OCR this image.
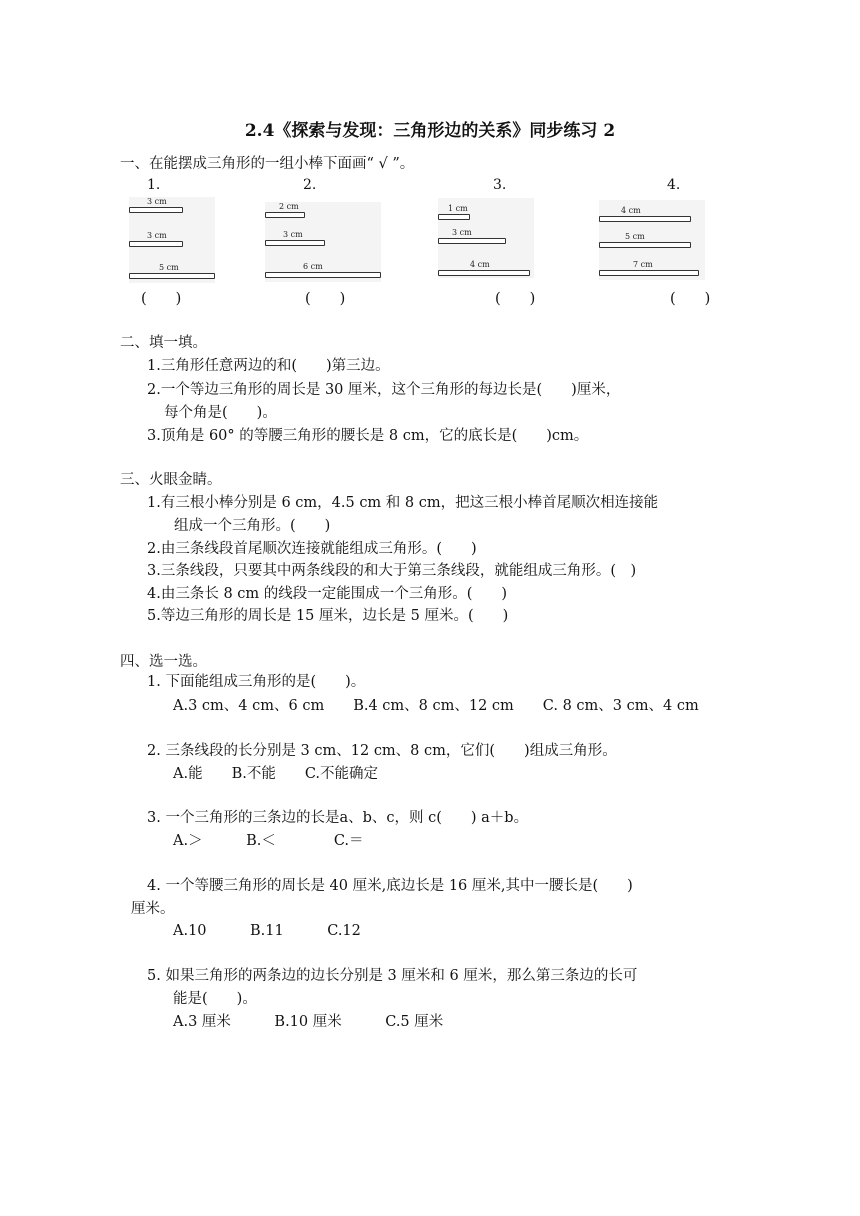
2.4《探索与发现：三角形边的关系》同步练习 2
一、在能摆成三角形的一组小棒下面画“ √ ”。
1.	2.	3.	4.
3 cm
3 cm
5 cm
2 cm
3 cm
6 cm
1 cm
3 cm
4 cm
4 cm
5 cm
7 cm
(　　)	(　　)	(　　)	(　　)
二、填一填。
1.三角形任意两边的和(　　)第三边。
2.一个等边三角形的周长是 30 厘米，这个三角形的每边长是(　　)厘米，
每个角是(　　)。
3.顶角是 60° 的等腰三角形的腰长是 8 cm，它的底长是(　　)cm。
三、火眼金睛。
1.有三根小棒分别是 6 cm，4.5 cm 和 8 cm，把这三根小棒首尾顺次相连接能
组成一个三角形。(　　)
2.由三条线段首尾顺次连接就能组成三角形。(　　)
3.三条线段，只要其中两条线段的和大于第三条线段，就能组成三角形。(　)
4.由三条长 8 cm 的线段一定能围成一个三角形。(　　)
5.等边三角形的周长是 15 厘米，边长是 5 厘米。(　　)
四、选一选。
1. 下面能组成三角形的是(　　)。
A.3 cm、4 cm、6 cm　　B.4 cm、8 cm、12 cm　　C. 8 cm、3 cm、4 cm
2. 三条线段的长分别是 3 cm、12 cm、8 cm，它们(　　)组成三角形。
A.能　　B.不能　　C.不能确定
3. 一个三角形的三条边的长是a、b、c，则 c(　　) a＋b。
A.＞　　　B.＜　　　　C.＝
4. 一个等腰三角形的周长是 40 厘米,底边长是 16 厘米,其中一腰长是(　　)
厘米。
A.10　　　B.11　　　C.12
5. 如果三角形的两条边的边长分别是 3 厘米和 6 厘米，那么第三条边的长可
能是(　　)。
A.3 厘米　　　B.10 厘米　　　C.5 厘米
